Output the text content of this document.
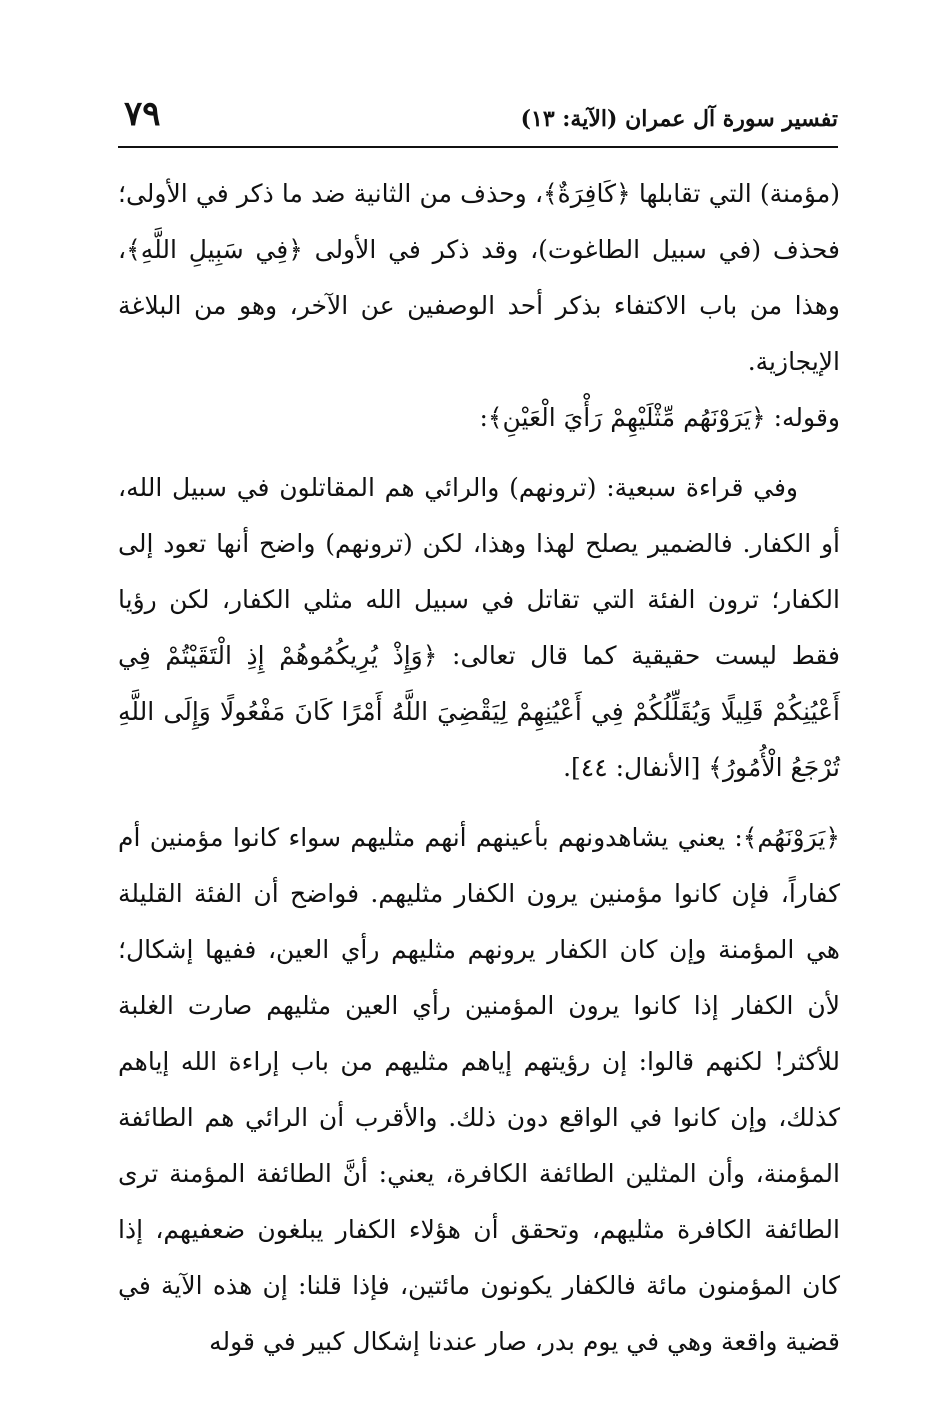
تفسير سورة آل عمران (الآية: ١٣)
٧٩

(مؤمنة) التي تقابلها ﴿كَافِرَةٌ﴾، وحذف من الثانية ضد ما ذكر في الأولى؛ فحذف (في سبيل الطاغوت)، وقد ذكر في الأولى ﴿فِي سَبِيلِ اللَّهِ﴾، وهذا من باب الاكتفاء بذكر أحد الوصفين عن الآخر، وهو من البلاغة الإيجازية.

وقوله: ﴿يَرَوْنَهُم مِّثْلَيْهِمْ رَأْيَ الْعَيْنِ﴾:

وفي قراءة سبعية: (ترونهم) والرائي هم المقاتلون في سبيل الله، أو الكفار. فالضمير يصلح لهذا وهذا، لكن (ترونهم) واضح أنها تعود إلى الكفار؛ ترون الفئة التي تقاتل في سبيل الله مثلي الكفار، لكن رؤيا فقط ليست حقيقية كما قال تعالى: ﴿وَإِذْ يُرِيكُمُوهُمْ إِذِ الْتَقَيْتُمْ فِي أَعْيُنِكُمْ قَلِيلًا وَيُقَلِّلُكُمْ فِي أَعْيُنِهِمْ لِيَقْضِيَ اللَّهُ أَمْرًا كَانَ مَفْعُولًا وَإِلَى اللَّهِ تُرْجَعُ الْأُمُورُ﴾ [الأنفال: ٤٤].

﴿يَرَوْنَهُم﴾: يعني يشاهدونهم بأعينهم أنهم مثليهم سواء كانوا مؤمنين أم كفاراً، فإن كانوا مؤمنين يرون الكفار مثليهم. فواضح أن الفئة القليلة هي المؤمنة وإن كان الكفار يرونهم مثليهم رأي العين، ففيها إشكال؛ لأن الكفار إذا كانوا يرون المؤمنين رأي العين مثليهم صارت الغلبة للأكثر! لكنهم قالوا: إن رؤيتهم إياهم مثليهم من باب إراءة الله إياهم كذلك، وإن كانوا في الواقع دون ذلك. والأقرب أن الرائي هم الطائفة المؤمنة، وأن المثلين الطائفة الكافرة، يعني: أنَّ الطائفة المؤمنة ترى الطائفة الكافرة مثليهم، وتحقق أن هؤلاء الكفار يبلغون ضعفيهم، إذا كان المؤمنون مائة فالكفار يكونون مائتين، فإذا قلنا: إن هذه الآية في قضية واقعة وهي في يوم بدر، صار عندنا إشكال كبير في قوله
